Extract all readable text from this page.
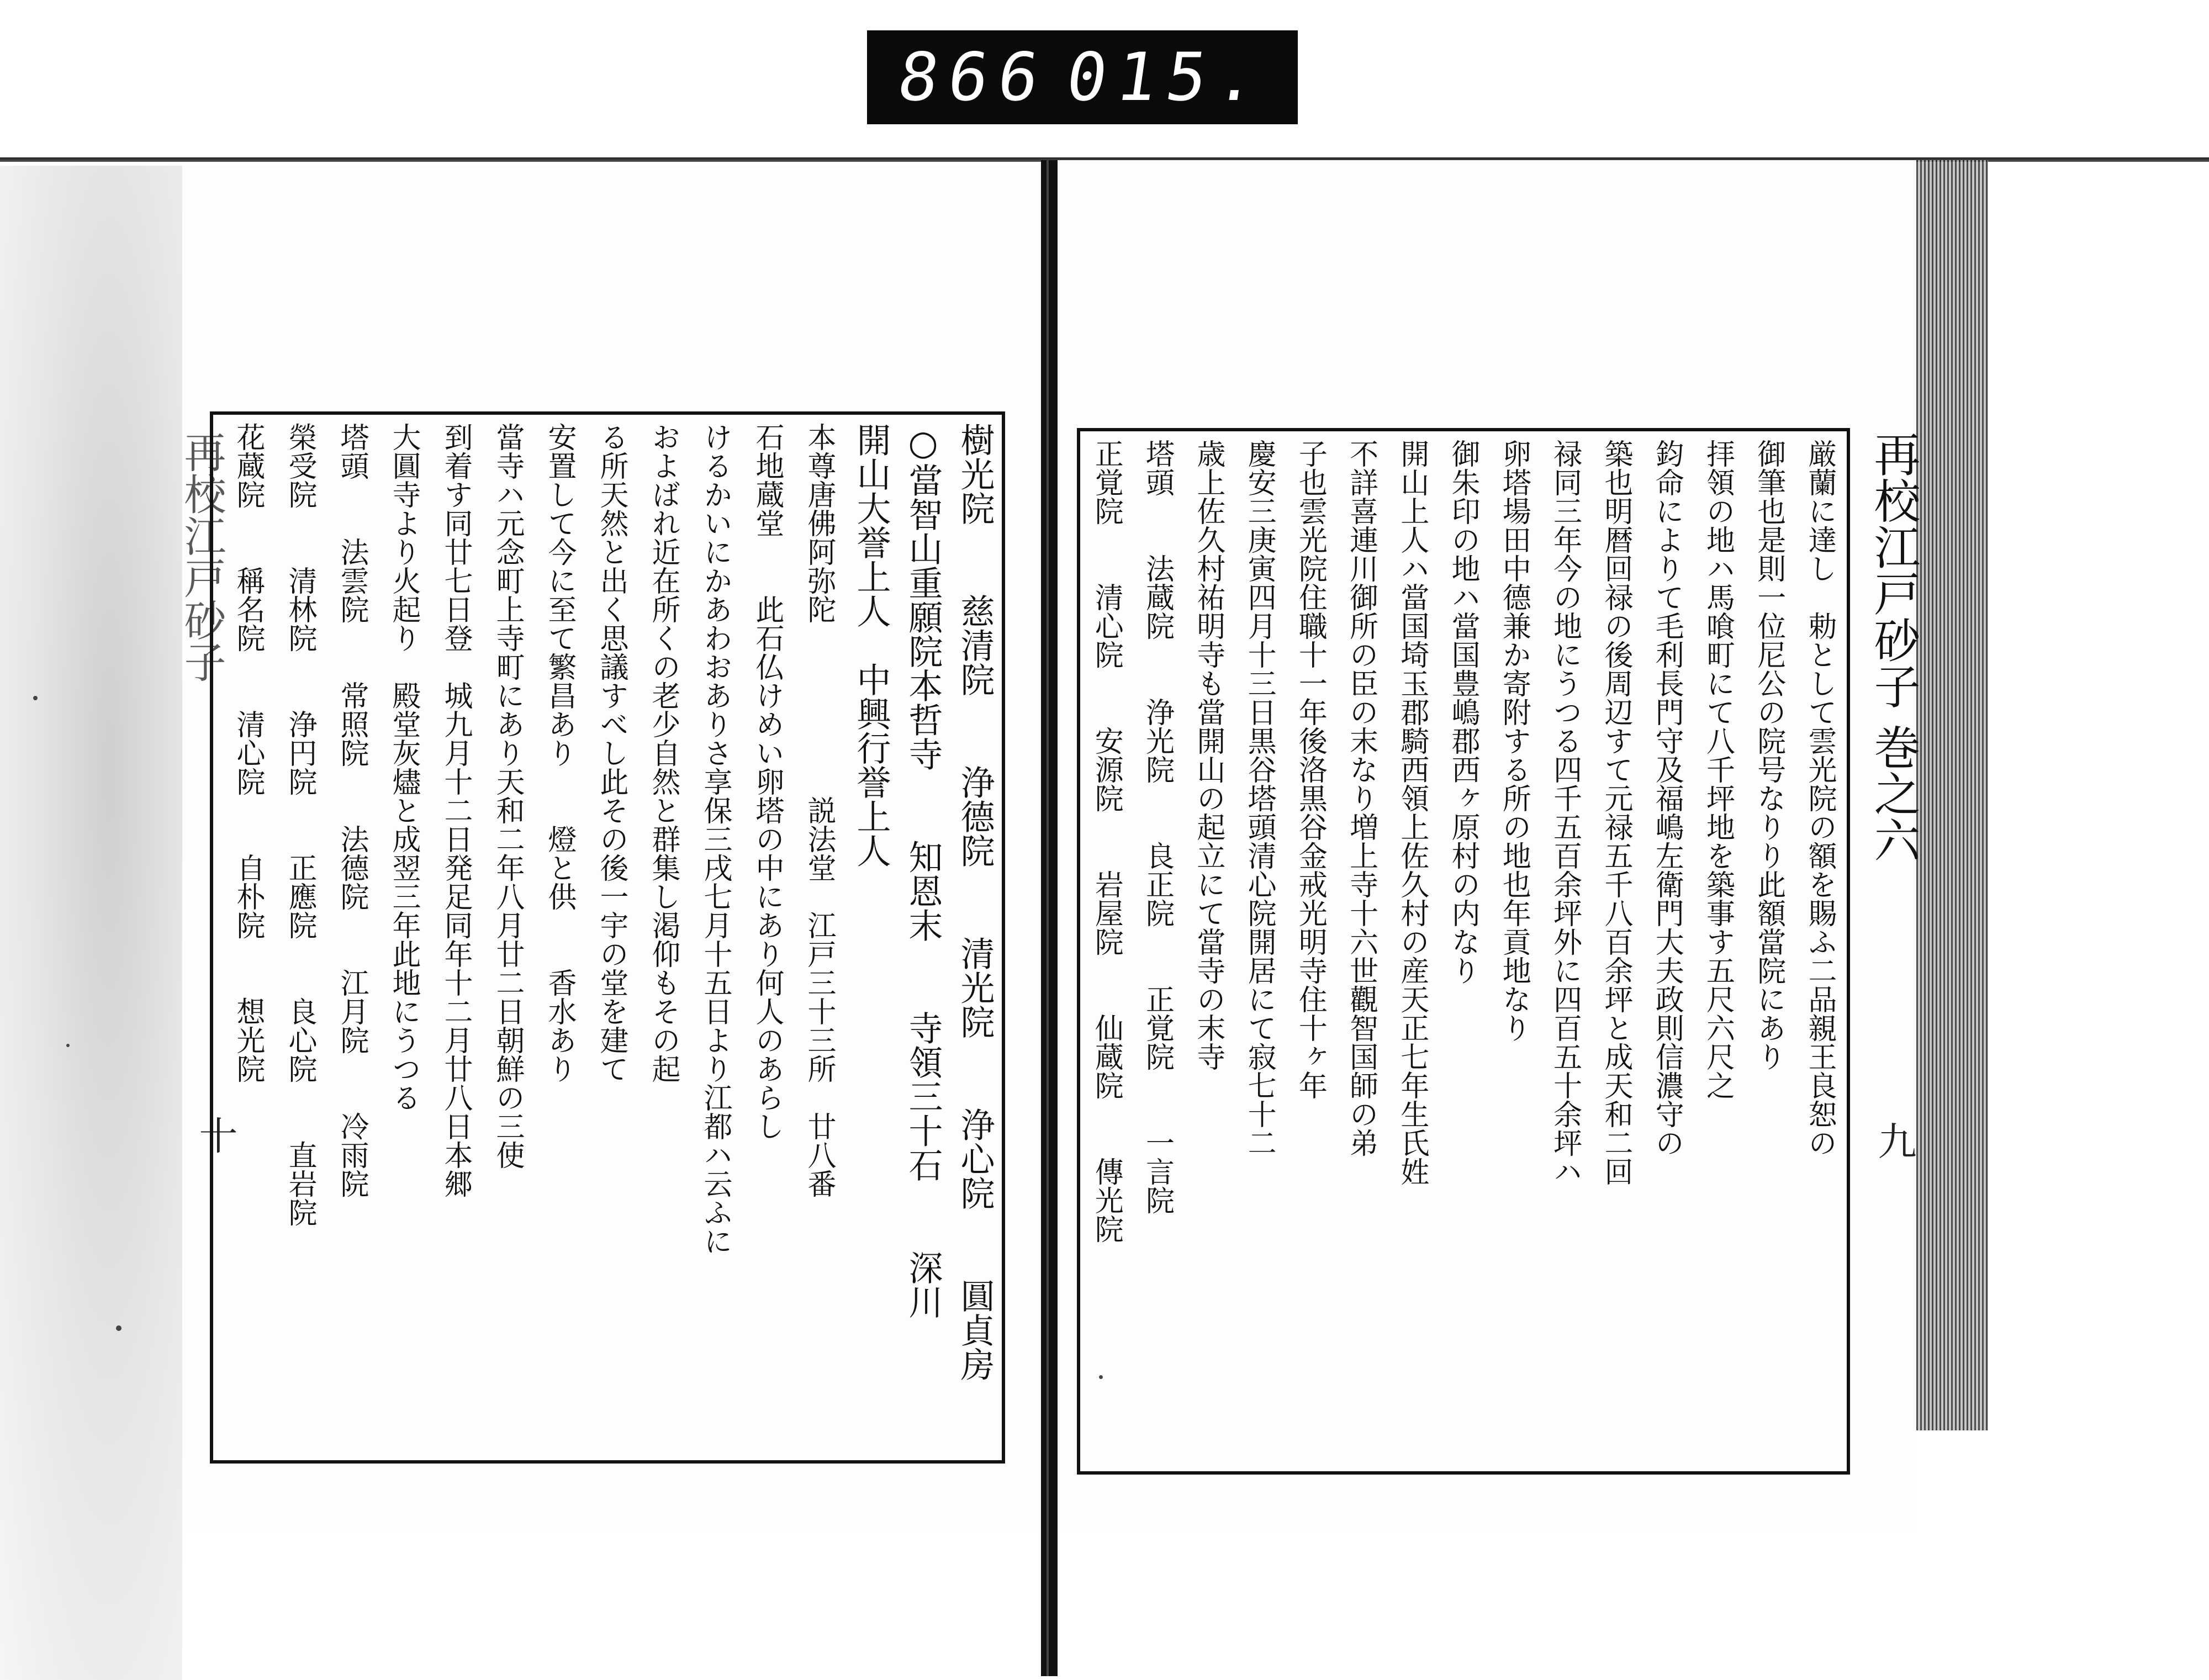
866 015.
再校江戸砂子	再校江戸砂子 巻之六
十	九
樹光院　　慈清院　　浄德院　　清光院　　浄心院　　圓貞房
○當智山重願院本哲寺　　知恩末　　寺領三十石　　深川
開山大誉上人　中興行誉上人
本尊唐佛阿弥陀　　　　　　説法堂　江戸三十三所　廿八番
石地蔵堂　　此石仏けめい卵塔の中にあり何人のあらし
けるかいにかあわおありさ享保三戌七月十五日より江都ハ云ふに
およばれ近在所くの老少自然と群集し渇仰もその起
る所天然と出く思議すべし此その後一宇の堂を建て
安置して今に至て繁昌あり　　燈と供　　香水あり
當寺ハ元念町上寺町にあり天和二年八月廿二日朝鮮の三使
到着す同廿七日登　城九月十二日発足同年十二月廿八日本郷
大圓寺より火起り　殿堂灰燼と成翌三年此地にうつる
塔頭　　法雲院　　常照院　　法德院　　江月院　　冷雨院
榮受院　　清林院　　浄円院　　正應院　　良心院　　直岩院
花蔵院　　稱名院　　清心院　　自朴院　　想光院	厳蘭に達し　勅として雲光院の額を賜ふ二品親王良恕の
御筆也是則一位尼公の院号なりり此額當院にあり
拝領の地ハ馬喰町にて八千坪地を築事す五尺六尺之
鈞命によりて毛利長門守及福嶋左衛門大夫政則信濃守の
築也明暦回禄の後周辺すて元禄五千八百余坪と成天和二回
禄同三年今の地にうつる四千五百余坪外に四百五十余坪ハ
卵塔場田中德兼か寄附する所の地也年貢地なり
御朱印の地ハ當国豊嶋郡西ヶ原村の内なり
開山上人ハ當国埼玉郡騎西領上佐久村の産天正七年生氏姓
不詳喜連川御所の臣の末なり増上寺十六世觀智国師の弟
子也雲光院住職十一年後洛黒谷金戒光明寺住十ヶ年
慶安三庚寅四月十三日黒谷塔頭清心院開居にて寂七十二
歳上佐久村祐明寺も當開山の起立にて當寺の末寺
塔頭　　法蔵院　　浄光院　　良正院　　正覚院　　一言院
正覚院　　清心院　　安源院　　岩屋院　　仙蔵院　　傳光院
